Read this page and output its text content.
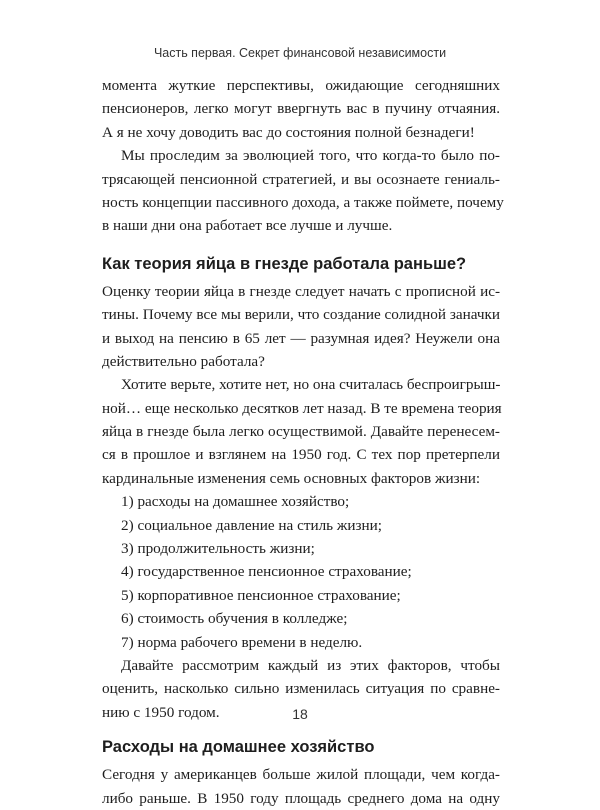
Часть первая. Секрет финансовой независимости
момента жуткие перспективы, ожидающие сегодняшних
пенсионеров, легко могут ввергнуть вас в пучину отчаяния.
А я не хочу доводить вас до состояния полной безнадеги!
Мы проследим за эволюцией того, что когда-то было по-
трясающей пенсионной стратегией, и вы осознаете гениаль-
ность концепции пассивного дохода, а также поймете, почему
в наши дни она работает все лучше и лучше.
Как теория яйца в гнезде работала раньше?
Оценку теории яйца в гнезде следует начать с прописной ис-
тины. Почему все мы верили, что создание солидной заначки
и выход на пенсию в 65 лет — разумная идея? Неужели она
действительно работала?
Хотите верьте, хотите нет, но она считалась беспроигрыш-
ной… еще несколько десятков лет назад. В те времена теория
яйца в гнезде была легко осуществимой. Давайте перенесем-
ся в прошлое и взглянем на 1950 год. С тех пор претерпели
кардинальные изменения семь основных факторов жизни:
1) расходы на домашнее хозяйство;
2) социальное давление на стиль жизни;
3) продолжительность жизни;
4) государственное пенсионное страхование;
5) корпоративное пенсионное страхование;
6) стоимость обучения в колледже;
7) норма рабочего времени в неделю.
Давайте рассмотрим каждый из этих факторов, чтобы
оценить, насколько сильно изменилась ситуация по сравне-
нию с 1950 годом.
Расходы на домашнее хозяйство
Сегодня у американцев больше жилой площади, чем когда-
либо раньше. В 1950 году площадь среднего дома на одну
18
